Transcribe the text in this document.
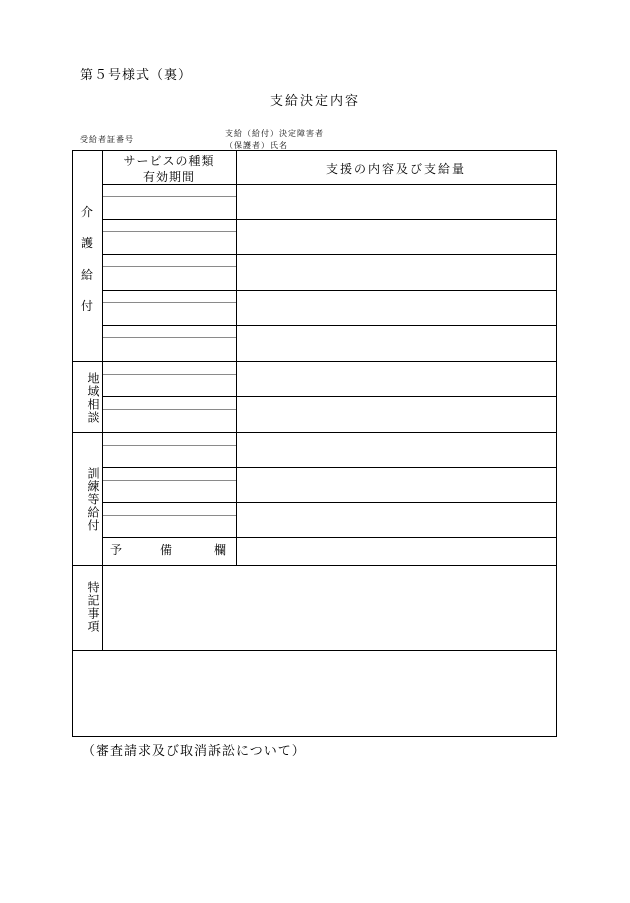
第５号様式（裏）
支給決定内容
受給者証番号
支給（給付）決定障害者
（保護者）氏名
サービスの種類
有効期間
支援の内容及び支給量
介
護
給
付
地域相談
訓練等給付
予	備	欄
特記事項
（審査請求及び取消訴訟について）
